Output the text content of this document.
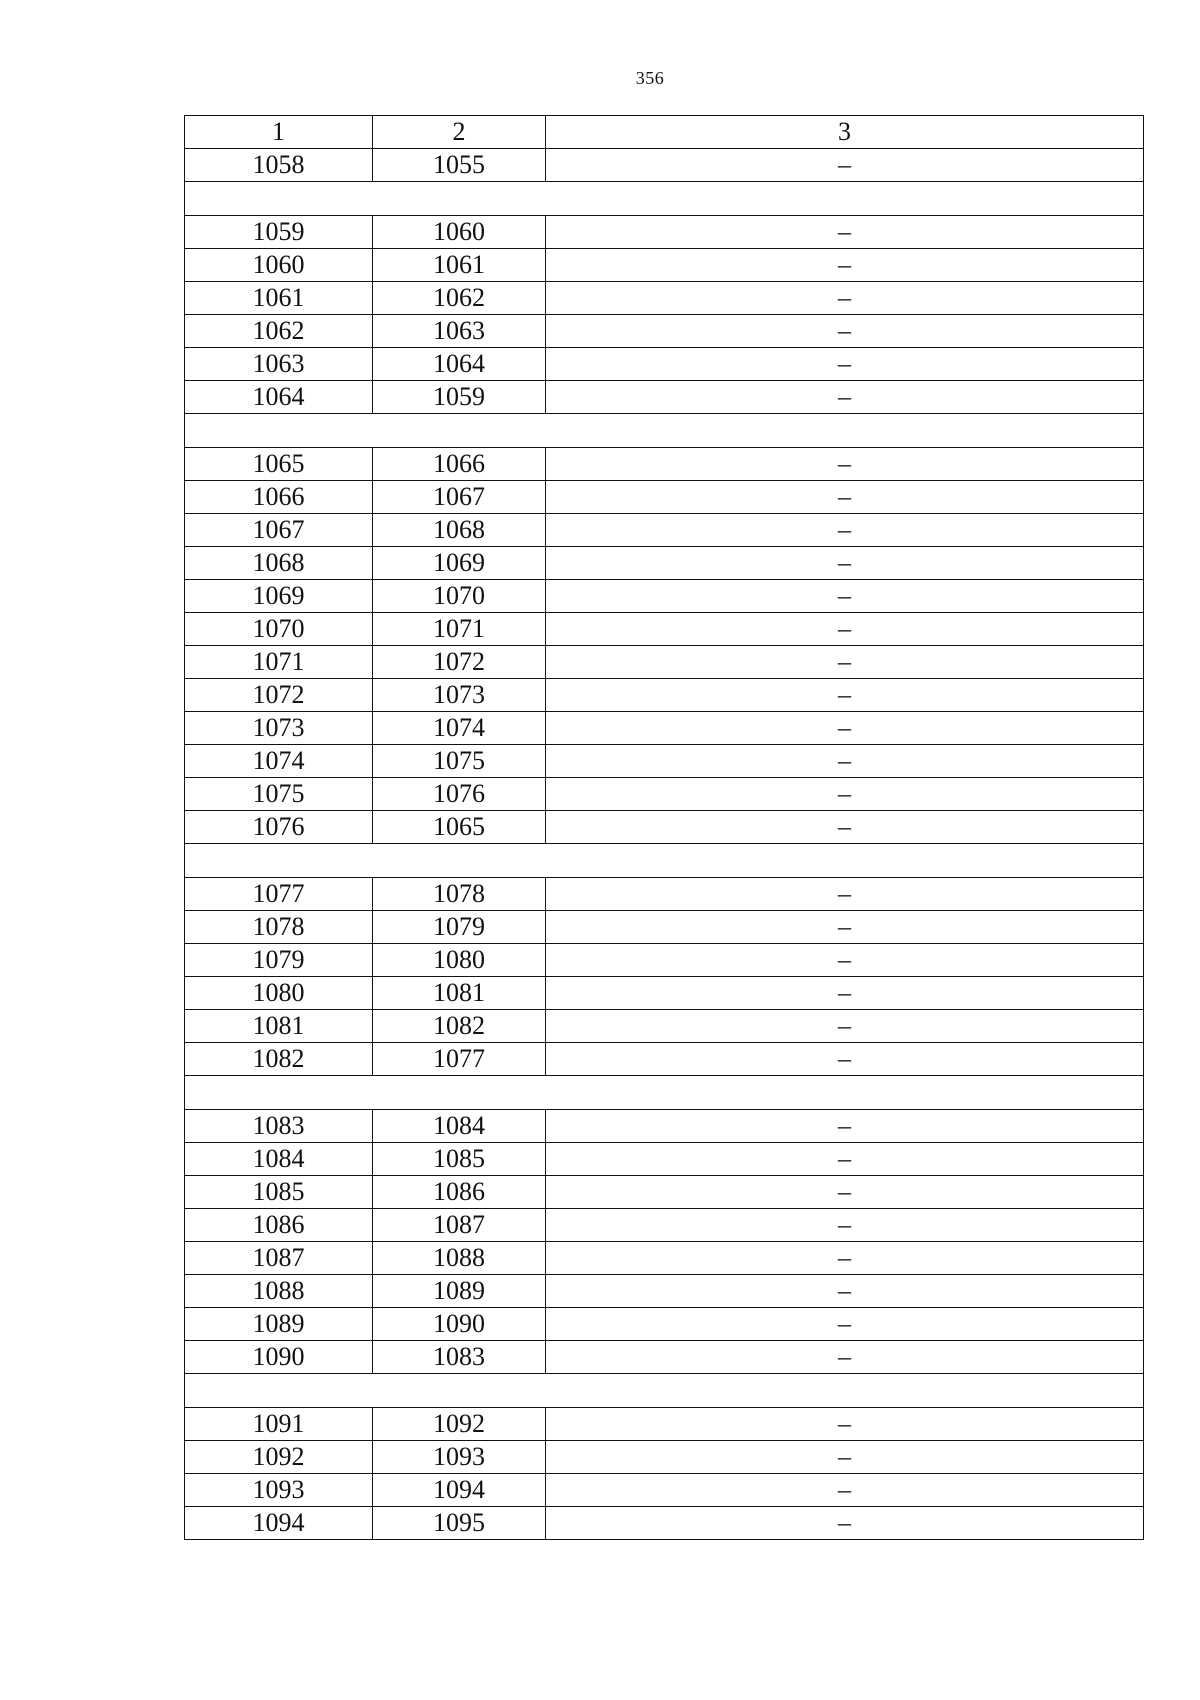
356
1	2	3
1058	1055	–

1059	1060	–
1060	1061	–
1061	1062	–
1062	1063	–
1063	1064	–
1064	1059	–

1065	1066	–
1066	1067	–
1067	1068	–
1068	1069	–
1069	1070	–
1070	1071	–
1071	1072	–
1072	1073	–
1073	1074	–
1074	1075	–
1075	1076	–
1076	1065	–

1077	1078	–
1078	1079	–
1079	1080	–
1080	1081	–
1081	1082	–
1082	1077	–

1083	1084	–
1084	1085	–
1085	1086	–
1086	1087	–
1087	1088	–
1088	1089	–
1089	1090	–
1090	1083	–

1091	1092	–
1092	1093	–
1093	1094	–
1094	1095	–
